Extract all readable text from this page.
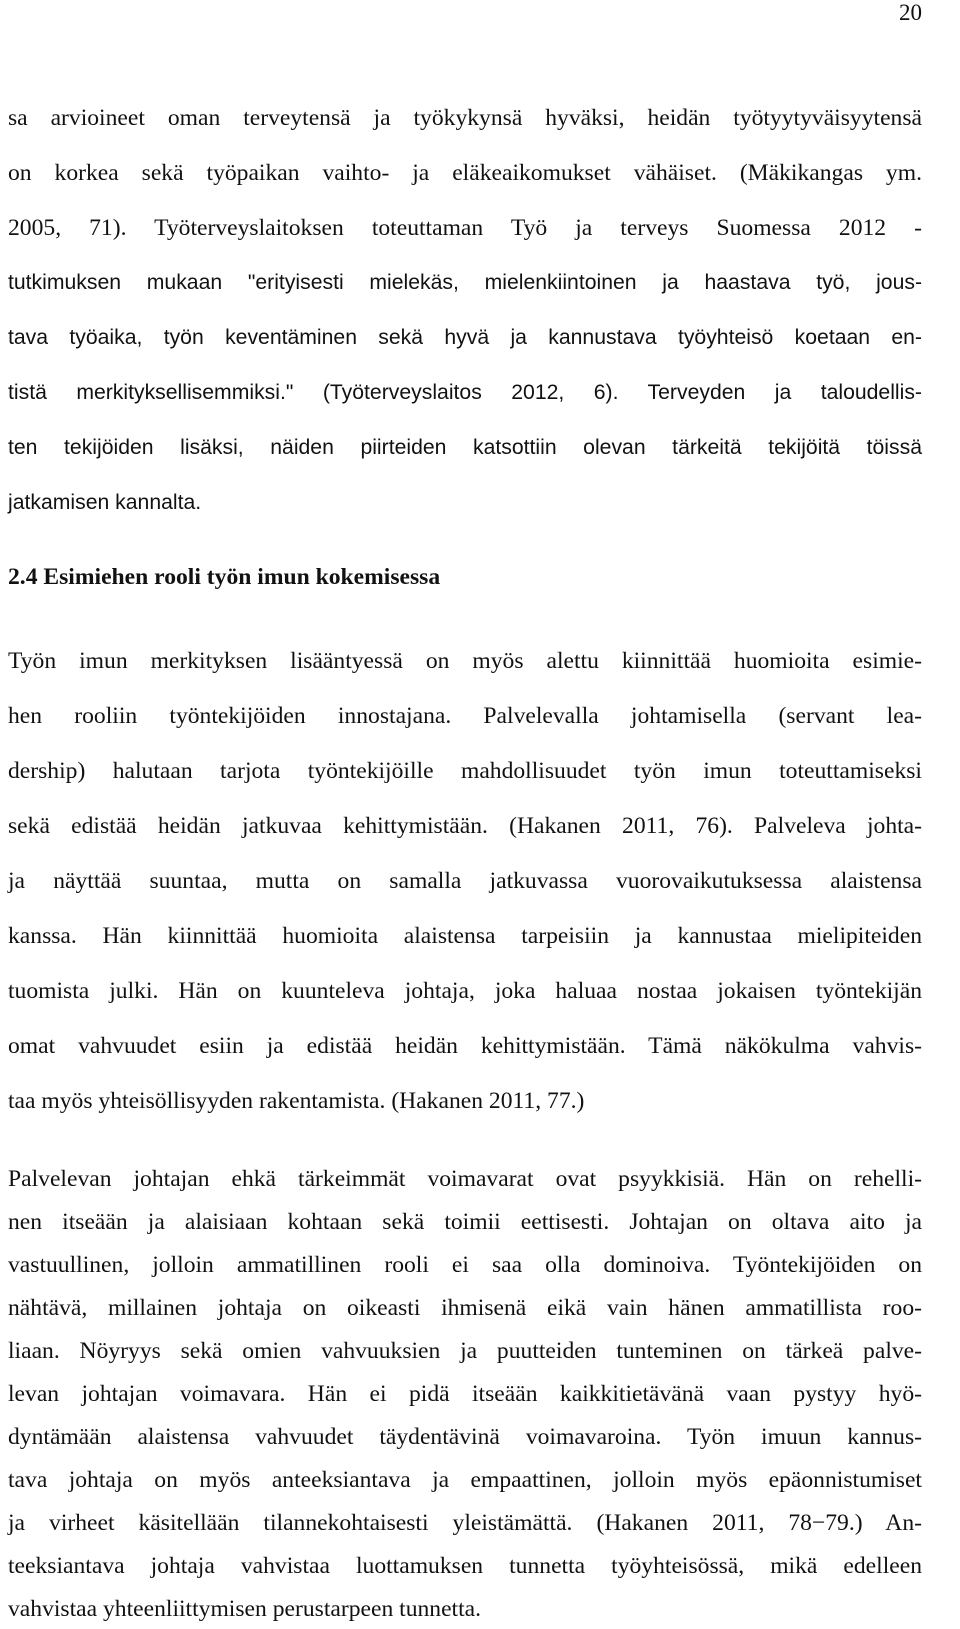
20
sa arvioineet oman terveytensä ja työkykynsä hyväksi, heidän työtyytyväisyytensä
on korkea sekä työpaikan vaihto- ja eläkeaikomukset vähäiset. (Mäkikangas ym.
2005, 71). Työterveyslaitoksen toteuttaman Työ ja terveys Suomessa 2012 -
tutkimuksen mukaan "erityisesti mielekäs, mielenkiintoinen ja haastava työ, jous-
tava työaika, työn keventäminen sekä hyvä ja kannustava työyhteisö koetaan en-
tistä merkityksellisemmiksi." (Työterveyslaitos 2012, 6). Terveyden ja taloudellis-
ten tekijöiden lisäksi, näiden piirteiden katsottiin olevan tärkeitä tekijöitä töissä
jatkamisen kannalta.
2.4 Esimiehen rooli työn imun kokemisessa
Työn imun merkityksen lisääntyessä on myös alettu kiinnittää huomioita esimie-
hen rooliin työntekijöiden innostajana. Palvelevalla johtamisella (servant lea-
dership) halutaan tarjota työntekijöille mahdollisuudet työn imun toteuttamiseksi
sekä edistää heidän jatkuvaa kehittymistään. (Hakanen 2011, 76). Palveleva johta-
ja näyttää suuntaa, mutta on samalla jatkuvassa vuorovaikutuksessa alaistensa
kanssa. Hän kiinnittää huomioita alaistensa tarpeisiin ja kannustaa mielipiteiden
tuomista julki. Hän on kuunteleva johtaja, joka haluaa nostaa jokaisen työntekijän
omat vahvuudet esiin ja edistää heidän kehittymistään. Tämä näkökulma vahvis-
taa myös yhteisöllisyyden rakentamista. (Hakanen 2011, 77.)
Palvelevan johtajan ehkä tärkeimmät voimavarat ovat psyykkisiä. Hän on rehelli-
nen itseään ja alaisiaan kohtaan sekä toimii eettisesti. Johtajan on oltava aito ja
vastuullinen, jolloin ammatillinen rooli ei saa olla dominoiva. Työntekijöiden on
nähtävä, millainen johtaja on oikeasti ihmisenä eikä vain hänen ammatillista roo-
liaan. Nöyryys sekä omien vahvuuksien ja puutteiden tunteminen on tärkeä palve-
levan johtajan voimavara. Hän ei pidä itseään kaikkitietävänä vaan pystyy hyö-
dyntämään alaistensa vahvuudet täydentävinä voimavaroina. Työn imuun kannus-
tava johtaja on myös anteeksiantava ja empaattinen, jolloin myös epäonnistumiset
ja virheet käsitellään tilannekohtaisesti yleistämättä. (Hakanen 2011, 78−79.) An-
teeksiantava johtaja vahvistaa luottamuksen tunnetta työyhteisössä, mikä edelleen
vahvistaa yhteenliittymisen perustarpeen tunnetta.
